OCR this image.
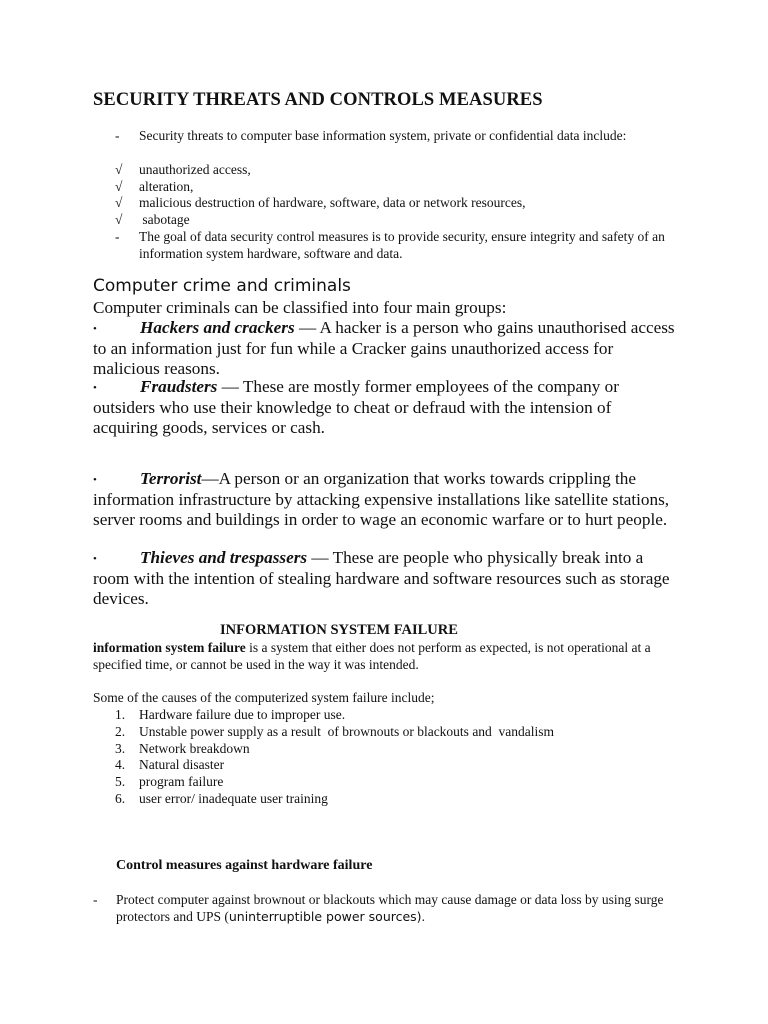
SECURITY THREATS AND CONTROLS MEASURES
- Security threats to computer base information system, private or confidential data include:
√ unauthorized access,
√ alteration,
√ malicious destruction of hardware, software, data or network resources,
√ sabotage
- The goal of data security control measures is to provide security, ensure integrity and safety of an information system hardware, software and data.
Computer crime and criminals
Computer criminals can be classified into four main groups:
•	Hackers and crackers — A hacker is a person who gains unauthorised access to an information just for fun while a Cracker gains unauthorized access for malicious reasons.
•	Fraudsters — These are mostly former employees of the company or outsiders who use their knowledge to cheat or defraud with the intension of acquiring goods, services or cash.
•	Terrorist—A person or an organization that works towards crippling the information infrastructure by attacking expensive installations like satellite stations, server rooms and buildings in order to wage an economic warfare or to hurt people.
•	Thieves and trespassers — These are people who physically break into a room with the intention of stealing hardware and software resources such as storage devices.
INFORMATION SYSTEM FAILURE
information system failure is a system that either does not perform as expected, is not operational at a specified time, or cannot be used in the way it was intended.
Some of the causes of the computerized system failure include;
1. Hardware failure due to improper use.
2. Unstable power supply as a result  of brownouts or blackouts and  vandalism
3. Network breakdown
4. Natural disaster
5. program failure
6. user error/ inadequate user training
Control measures against hardware failure
- Protect computer against brownout or blackouts which may cause damage or data loss by using surge protectors and UPS (uninterruptible power sources).
